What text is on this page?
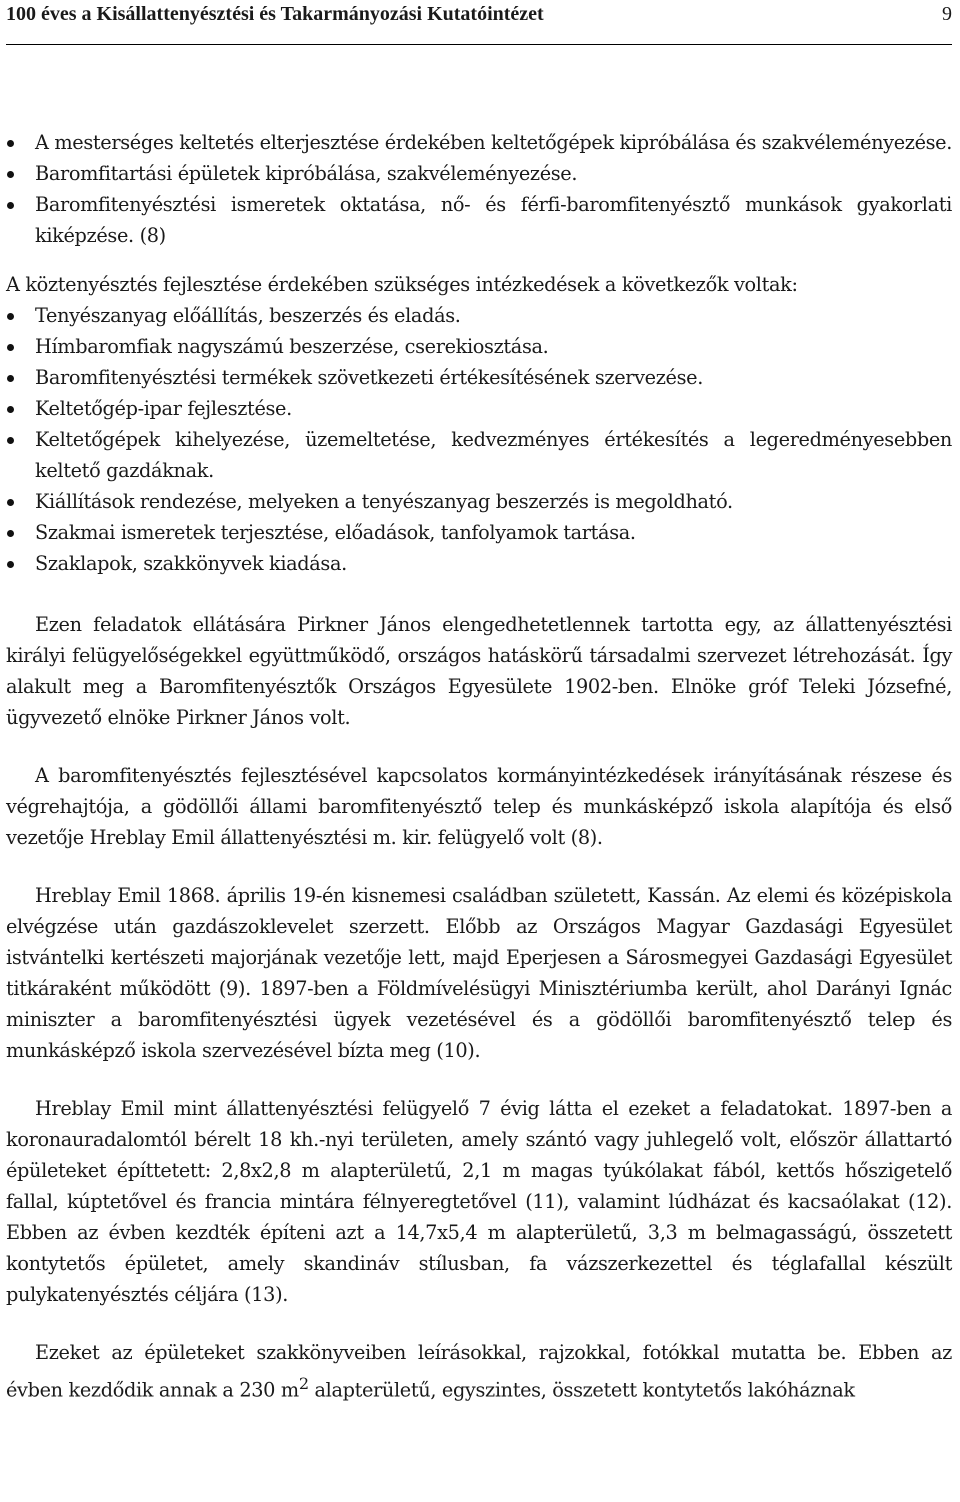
100 éves a Kisállattenyésztési és Takarmányozási Kutatóintézet	9
A mesterséges keltetés elterjesztése érdekében keltetőgépek kipróbálása és szakvéleményezése.
Baromfitartási épületek kipróbálása, szakvéleményezése.
Baromfitenyésztési ismeretek oktatása, nő- és férfi-baromfitenyésztő munkások gyakorlati kiképzése. (8)

A köztenyésztés fejlesztése érdekében szükséges intézkedések a következők voltak:

Tenyészanyag előállítás, beszerzés és eladás.
Hímbaromfiak nagyszámú beszerzése, cserekiosztása.
Baromfitenyésztési termékek szövetkezeti értékesítésének szervezése.
Keltetőgép-ipar fejlesztése.
Keltetőgépek kihelyezése, üzemeltetése, kedvezményes értékesítés a legeredményesebben keltető gazdáknak.
Kiállítások rendezése, melyeken a tenyészanyag beszerzés is megoldható.
Szakmai ismeretek terjesztése, előadások, tanfolyamok tartása.
Szaklapok, szakkönyvek kiadása.

Ezen feladatok ellátására Pirkner János elengedhetetlennek tartotta egy, az állattenyésztési királyi felügyelőségekkel együttműködő, országos hatáskörű társadalmi szervezet létrehozását. Így alakult meg a Baromfitenyésztők Országos Egyesülete 1902-ben. Elnöke gróf Teleki Józsefné, ügyvezető elnöke Pirkner János volt.

A baromfitenyésztés fejlesztésével kapcsolatos kormányintézkedések irányításának részese és végrehajtója, a gödöllői állami baromfitenyésztő telep és munkásképző iskola alapítója és első vezetője Hreblay Emil állattenyésztési m. kir. felügyelő volt (8).

Hreblay Emil 1868. április 19-én kisnemesi családban született, Kassán. Az elemi és középiskola elvégzése után gazdászoklevelet szerzett. Előbb az Országos Magyar Gazdasági Egyesület istvántelki kertészeti majorjának vezetője lett, majd Eperjesen a Sárosmegyei Gazdasági Egyesület titkáraként működött (9). 1897-ben a Földmívelésügyi Minisztériumba került, ahol Darányi Ignác miniszter a baromfitenyésztési ügyek vezetésével és a gödöllői baromfitenyésztő telep és munkásképző iskola szervezésével bízta meg (10).

Hreblay Emil mint állattenyésztési felügyelő 7 évig látta el ezeket a feladatokat. 1897-ben a koronauradalomtól bérelt 18 kh.-nyi területen, amely szántó vagy juhlegelő volt, először állattartó épületeket építtetett: 2,8x2,8 m alapterületű, 2,1 m magas tyúkólakat fából, kettős hőszigetelő fallal, kúptetővel és francia mintára félnyeregtetővel (11), valamint lúdházat és kacsaólakat (12). Ebben az évben kezdték építeni azt a 14,7x5,4 m alapterületű, 3,3 m belmagasságú, összetett kontytetős épületet, amely skandináv stílusban, fa vázszerkezettel és téglafallal készült pulykatenyésztés céljára (13).

Ezeket az épületeket szakkönyveiben leírásokkal, rajzokkal, fotókkal mutatta be. Ebben az évben kezdődik annak a 230 $m^2$ alapterületű, egyszintes, összetett kontytetős lakóháznak
